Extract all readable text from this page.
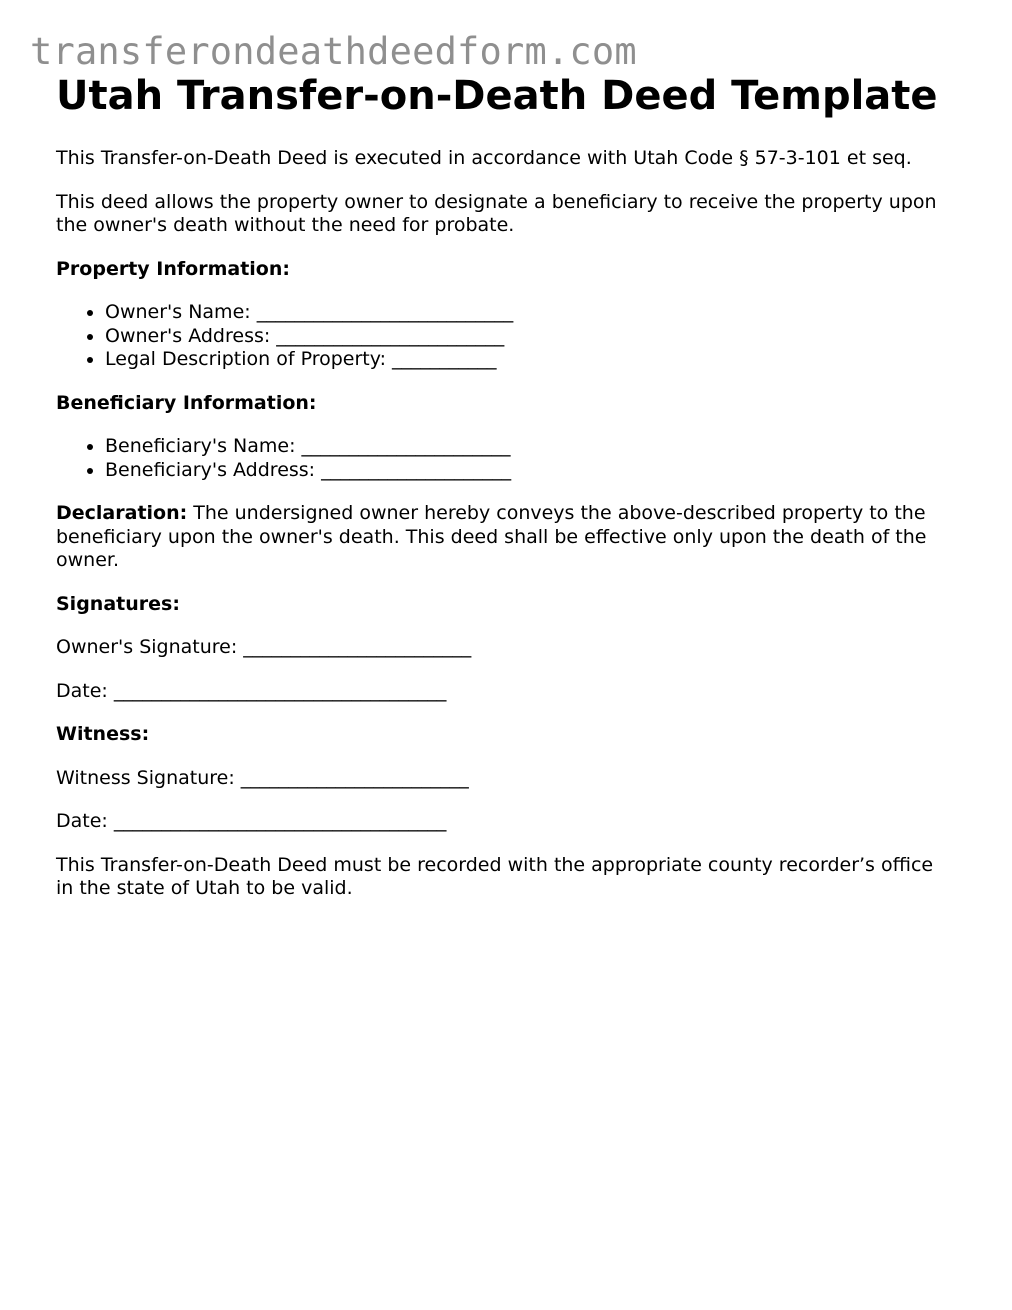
transferondeathdeedform.com
Utah Transfer-on-Death Deed Template

This Transfer-on-Death Deed is executed in accordance with Utah Code § 57-3-101 et seq.

This deed allows the property owner to designate a beneficiary to receive the property upon the owner's death without the need for probate.

Property Information:

• Owner's Name: ___________________________
• Owner's Address: ________________________
• Legal Description of Property: ___________

Beneficiary Information:

• Beneficiary's Name: ______________________
• Beneficiary's Address: ____________________

Declaration: The undersigned owner hereby conveys the above-described property to the beneficiary upon the owner's death. This deed shall be effective only upon the death of the owner.

Signatures:

Owner's Signature: ________________________

Date: ___________________________________

Witness:

Witness Signature: ________________________

Date: ___________________________________

This Transfer-on-Death Deed must be recorded with the appropriate county recorder’s office in the state of Utah to be valid.
